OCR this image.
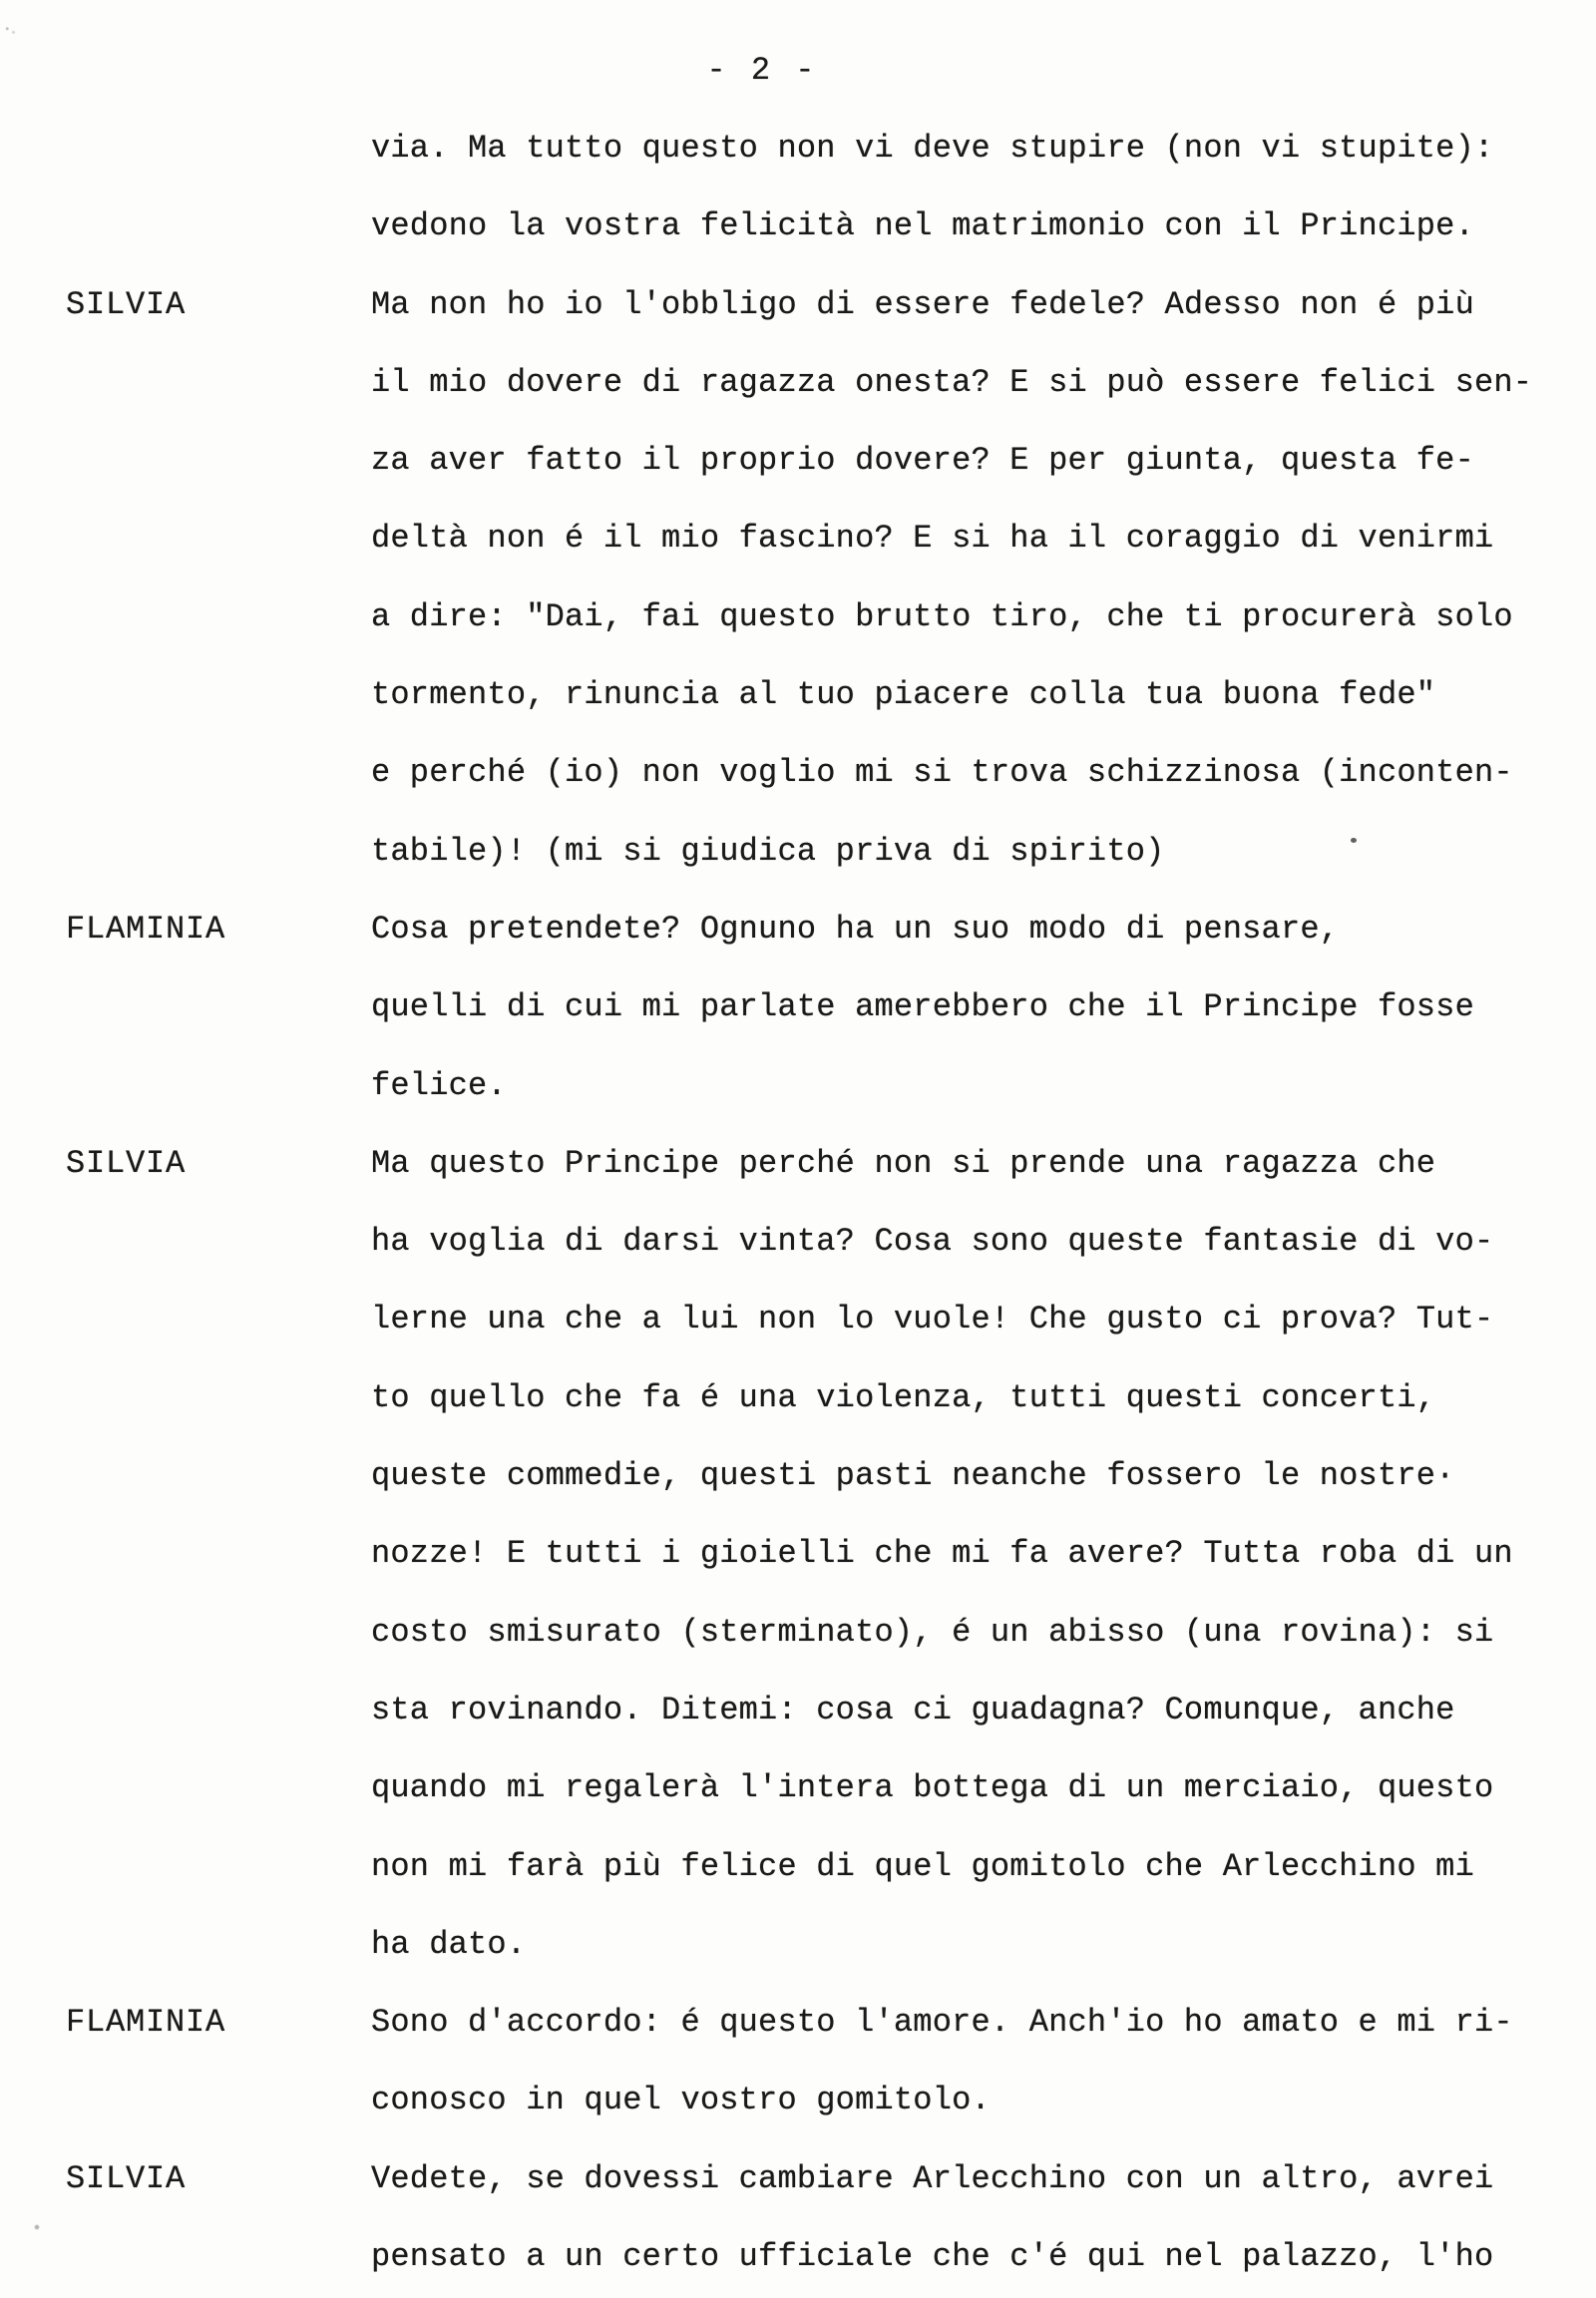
- 2 -
via. Ma tutto questo non vi deve stupire (non vi stupite):
vedono la vostra felicità nel matrimonio con il Principe.
SILVIA	Ma non ho io l'obbligo di essere fedele? Adesso non é più
il mio dovere di ragazza onesta? E si può essere felici sen-
za aver fatto il proprio dovere? E per giunta, questa fe-
deltà non é il mio fascino? E si ha il coraggio di venirmi
a dire: "Dai, fai questo brutto tiro, che ti procurerà solo
tormento, rinuncia al tuo piacere colla tua buona fede"
e perché (io) non voglio mi si trova schizzinosa (inconten-
tabile)! (mi si giudica priva di spirito)
FLAMINIA	Cosa pretendete? Ognuno ha un suo modo di pensare,
quelli di cui mi parlate amerebbero che il Principe fosse
felice.
SILVIA	Ma questo Principe perché non si prende una ragazza che
ha voglia di darsi vinta? Cosa sono queste fantasie di vo-
lerne una che a lui non lo vuole! Che gusto ci prova? Tut-
to quello che fa é una violenza, tutti questi concerti,
queste commedie, questi pasti neanche fossero le nostre·
nozze! E tutti i gioielli che mi fa avere? Tutta roba di un
costo smisurato (sterminato), é un abisso (una rovina): si
sta rovinando. Ditemi: cosa ci guadagna? Comunque, anche
quando mi regalerà l'intera bottega di un merciaio, questo
non mi farà più felice di quel gomitolo che Arlecchino mi
ha dato.
FLAMINIA	Sono d'accordo: é questo l'amore. Anch'io ho amato e mi ri-
conosco in quel vostro gomitolo.
SILVIA	Vedete, se dovessi cambiare Arlecchino con un altro, avrei
pensato a un certo ufficiale che c'é qui nel palazzo, l'ho
